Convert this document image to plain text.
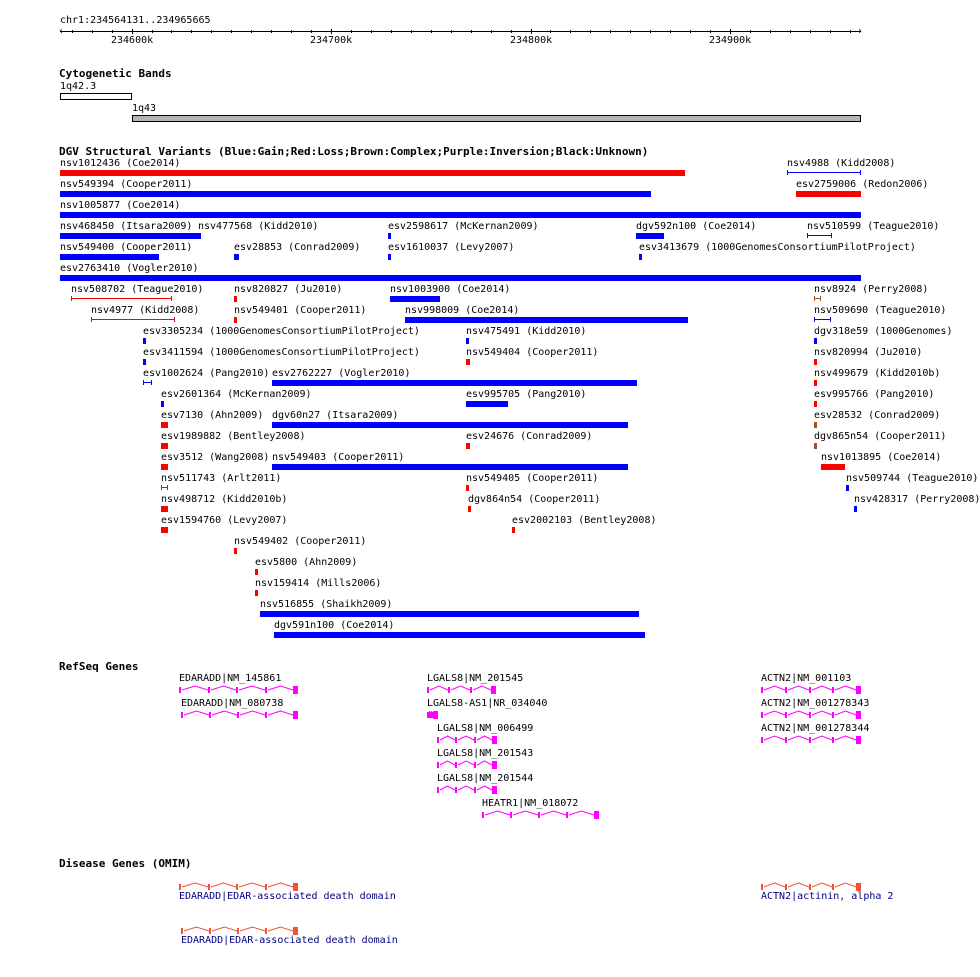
chr1:234564131..234965665
‹	›
234600k	234700k	234800k	234900k
Cytogenetic Bands
1q42.3
1q43
DGV Structural Variants (Blue:Gain;Red:Loss;Brown:Complex;Purple:Inversion;Black:Unknown)
nsv1012436 (Coe2014)	nsv4988 (Kidd2008)
nsv549394 (Cooper2011)	esv2759006 (Redon2006)
nsv1005877 (Coe2014)
nsv468450 (Itsara2009) nsv477568 (Kidd2010)	esv2598617 (McKernan2009)	dgv592n100 (Coe2014)	nsv510599 (Teague2010)
nsv549400 (Cooper2011)	esv28853 (Conrad2009)	esv1610037 (Levy2007)	esv3413679 (1000GenomesConsortiumPilotProject)
esv2763410 (Vogler2010)
nsv508702 (Teague2010)	nsv820827 (Ju2010)	nsv1003900 (Coe2014)	nsv8924 (Perry2008)
nsv4977 (Kidd2008)	nsv549401 (Cooper2011)	nsv998009 (Coe2014)	nsv509690 (Teague2010)
esv3305234 (1000GenomesConsortiumPilotProject)	nsv475491 (Kidd2010)	dgv318e59 (1000Genomes)
esv3411594 (1000GenomesConsortiumPilotProject)	nsv549404 (Cooper2011)	nsv820994 (Ju2010)
esv1002624 (Pang2010) esv2762227 (Vogler2010)	nsv499679 (Kidd2010b)
esv2601364 (McKernan2009)	esv995705 (Pang2010)	esv995766 (Pang2010)
esv7130 (Ahn2009) dgv60n27 (Itsara2009)	esv28532 (Conrad2009)
esv1989882 (Bentley2008)	esv24676 (Conrad2009)	dgv865n54 (Cooper2011)
esv3512 (Wang2008) nsv549403 (Cooper2011)	nsv1013895 (Coe2014)
nsv511743 (Arlt2011)	nsv549405 (Cooper2011)	nsv509744 (Teague2010)
nsv498712 (Kidd2010b)	dgv864n54 (Cooper2011)	nsv428317 (Perry2008)
esv1594760 (Levy2007)	esv2002103 (Bentley2008)
nsv549402 (Cooper2011)
esv5800 (Ahn2009)
nsv159414 (Mills2006)
nsv516855 (Shaikh2009)
dgv591n100 (Coe2014)
RefSeq Genes
EDARADD|NM_145861	LGALS8|NM_201545	ACTN2|NM_001103
EDARADD|NM_080738	LGALS8-AS1|NR_034040	ACTN2|NM_001278343
LGALS8|NM_006499	ACTN2|NM_001278344
LGALS8|NM_201543
LGALS8|NM_201544
HEATR1|NM_018072
Disease Genes (OMIM)
EDARADD|EDAR-associated death domain	ACTN2|actinin, alpha 2
EDARADD|EDAR-associated death domain
